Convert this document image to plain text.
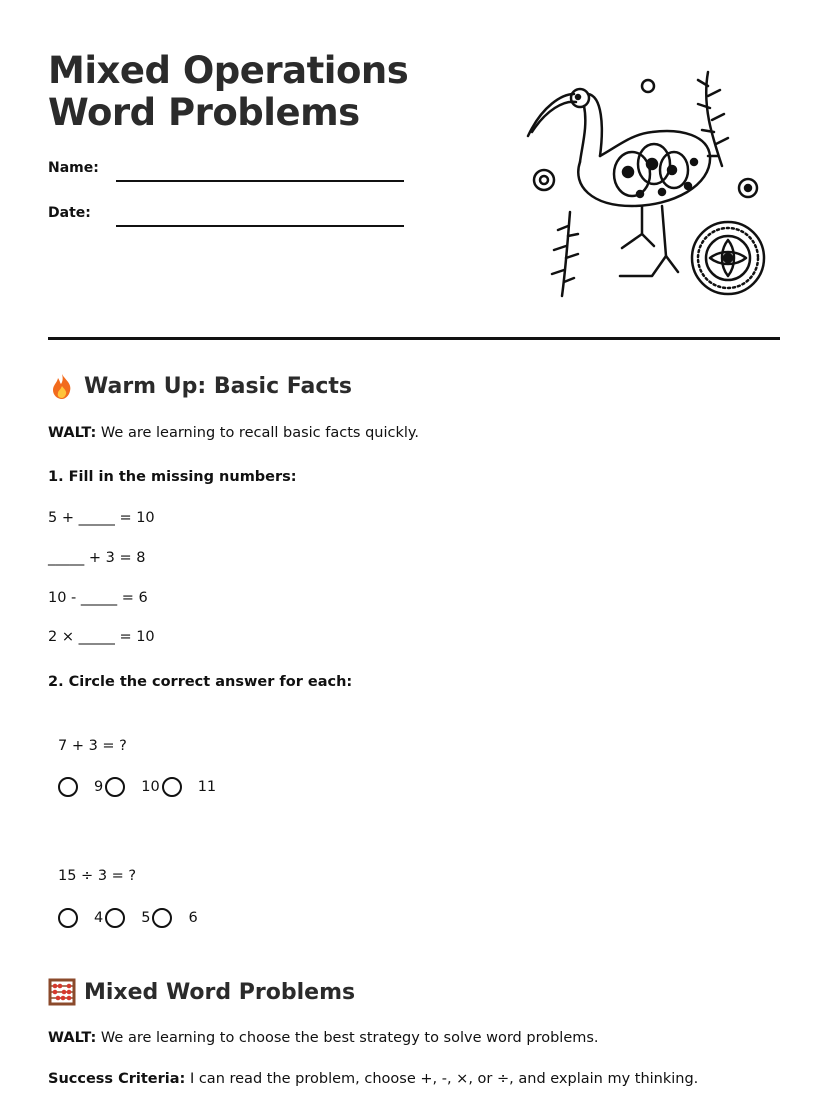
Mixed Operations Word Problems
Name:
Date:
Warm Up: Basic Facts
WALT: We are learning to recall basic facts quickly.
1. Fill in the missing numbers:
5 + _____ = 10
_____ + 3 = 8
10 - _____ = 6
2 × _____ = 10
2. Circle the correct answer for each:
7 + 3 = ?
9	10	11
15 ÷ 3 = ?
4	5	6
Mixed Word Problems
WALT: We are learning to choose the best strategy to solve word problems.
Success Criteria: I can read the problem, choose +, -, ×, or ÷, and explain my thinking.
